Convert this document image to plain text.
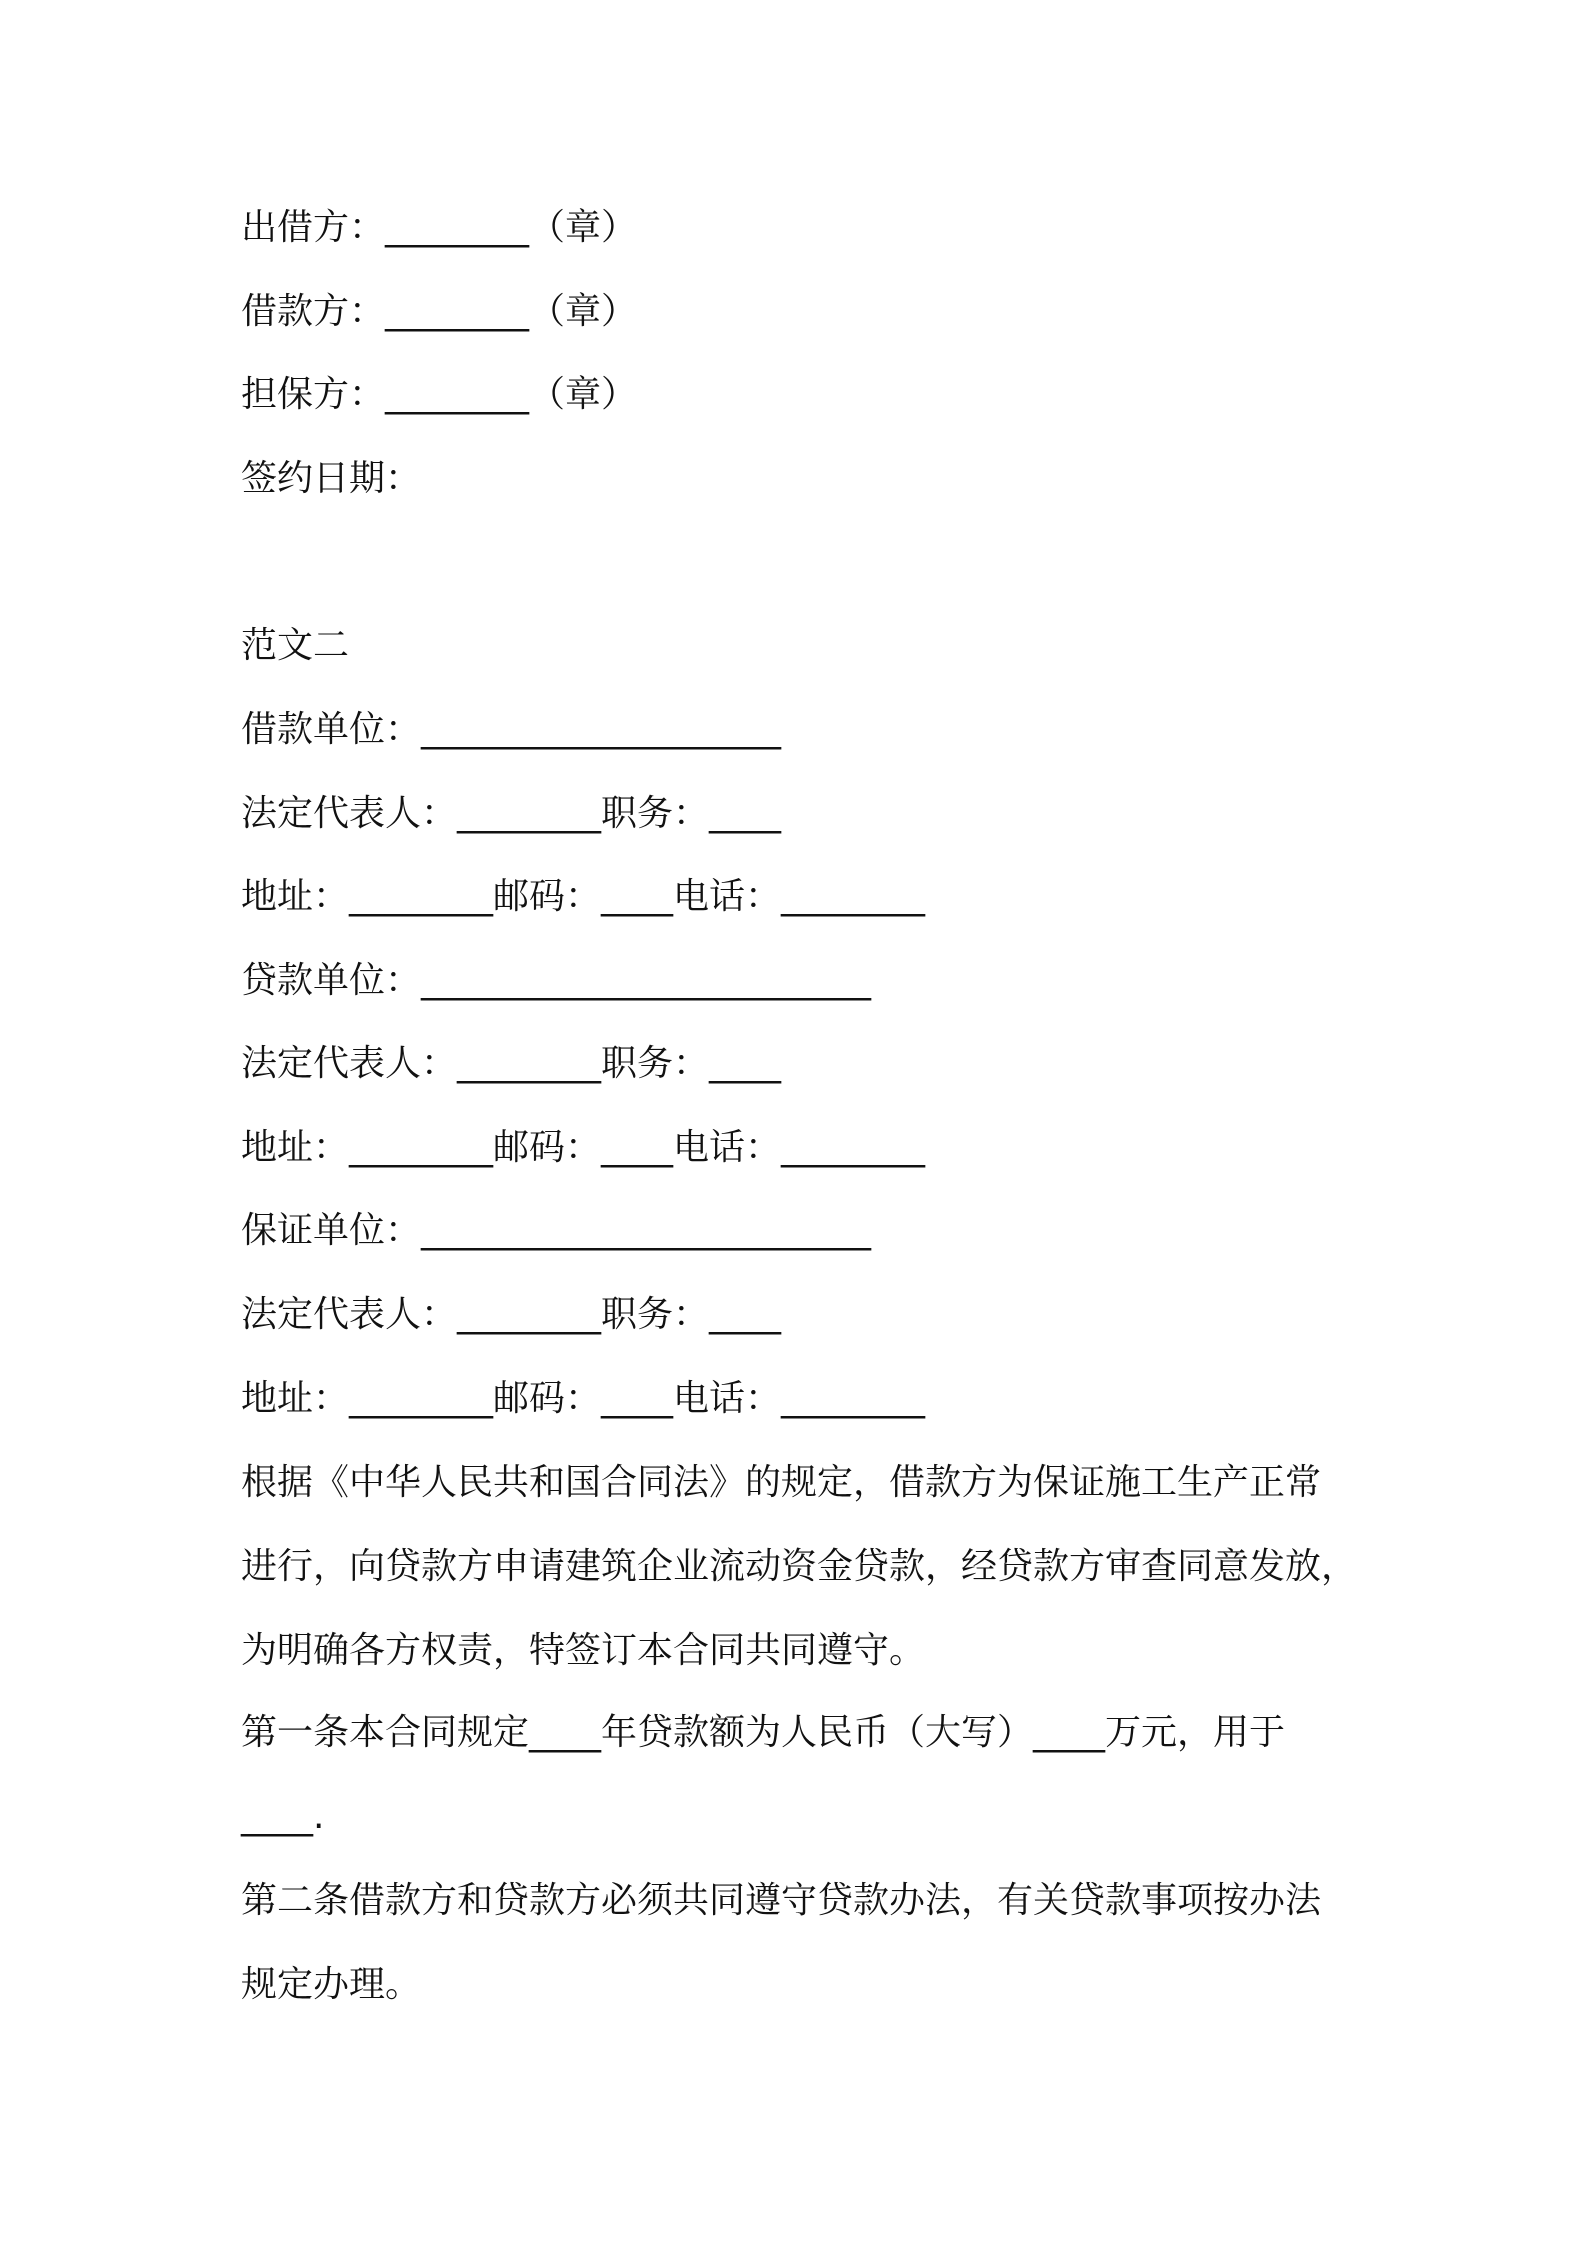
出借方：________（章）
借款方：________（章）
担保方：________（章）
签约日期：
范文二
借款单位：____________________
法定代表人：________职务：____
地址：________邮码：____电话：________
贷款单位：_________________________
法定代表人：________职务：____
地址：________邮码：____电话：________
保证单位：_________________________
法定代表人：________职务：____
地址：________邮码：____电话：________
根据《中华人民共和国合同法》的规定，借款方为保证施工生产正常
进行，向贷款方申请建筑企业流动资金贷款，经贷款方审查同意发放，
为明确各方权责，特签订本合同共同遵守。
第一条本合同规定____年贷款额为人民币（大写）____万元，用于
____.
第二条借款方和贷款方必须共同遵守贷款办法，有关贷款事项按办法
规定办理。
